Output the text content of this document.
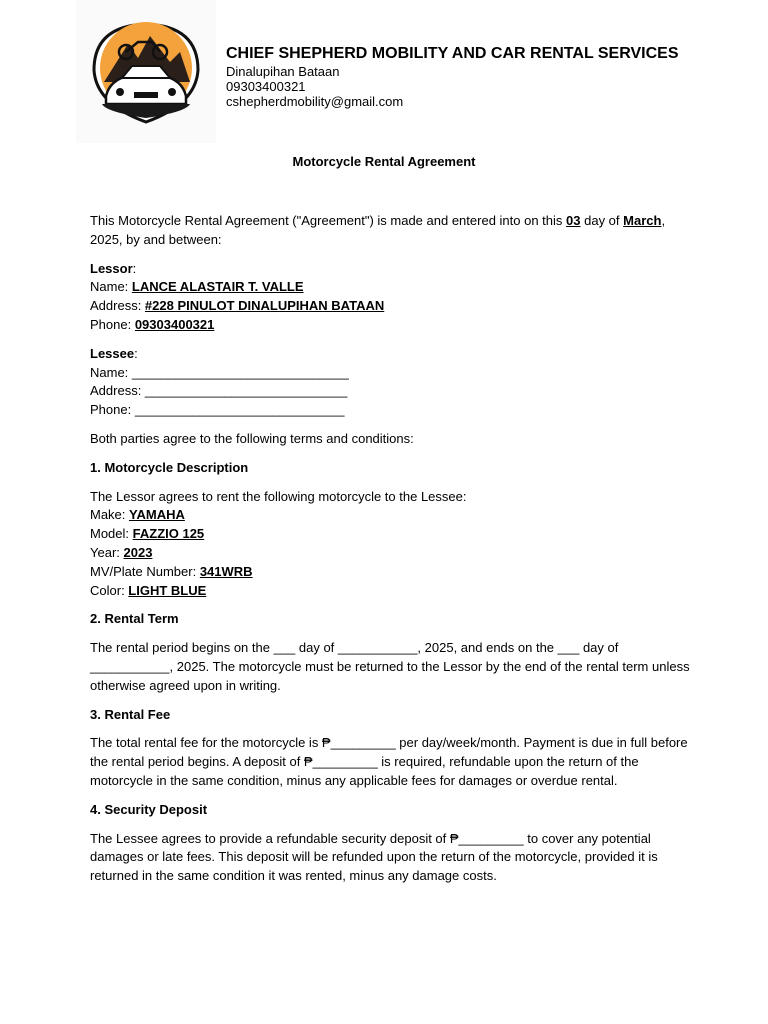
CHIEF SHEPHERD MOBILITY AND CAR RENTAL SERVICES
Dinalupihan Bataan
09303400321
cshepherdmobility@gmail.com
Motorcycle Rental Agreement

This Motorcycle Rental Agreement ("Agreement") is made and entered into on this 03 day of March,

2025, by and between:

Lessor:

Name: LANCE ALASTAIR T. VALLE

Address: #228 PINULOT DINALUPIHAN BATAAN

Phone: 09303400321

Lessee:

Name: ______________________________

Address: ____________________________

Phone: _____________________________

Both parties agree to the following terms and conditions:

1. Motorcycle Description

The Lessor agrees to rent the following motorcycle to the Lessee:

Make: YAMAHA

Model: FAZZIO 125

Year: 2023

MV/Plate Number: 341WRB

Color: LIGHT BLUE

2. Rental Term

The rental period begins on the ___ day of ___________, 2025, and ends on the ___ day of

___________, 2025. The motorcycle must be returned to the Lessor by the end of the rental term unless

otherwise agreed upon in writing.

3. Rental Fee

The total rental fee for the motorcycle is ₱_________ per day/week/month. Payment is due in full before

the rental period begins. A deposit of ₱_________ is required, refundable upon the return of the

motorcycle in the same condition, minus any applicable fees for damages or overdue rental.

4. Security Deposit

The Lessee agrees to provide a refundable security deposit of ₱_________ to cover any potential

damages or late fees. This deposit will be refunded upon the return of the motorcycle, provided it is

returned in the same condition it was rented, minus any damage costs.
